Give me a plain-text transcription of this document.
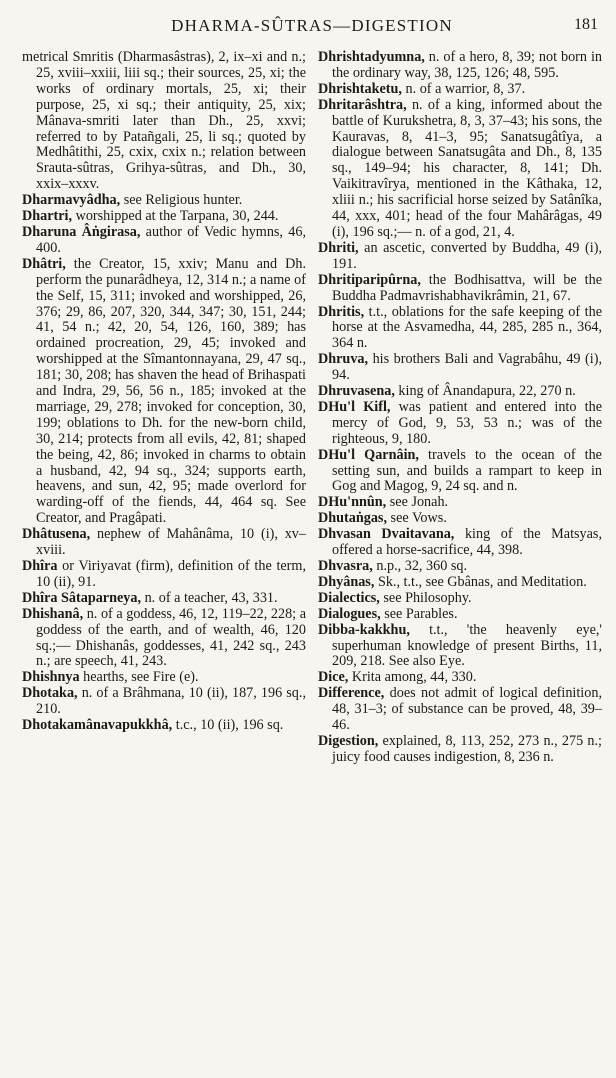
DHARMA-SÛTRAS—DIGESTION	181

metrical Smritis (Dharmasâstras), 2, ix–xi and n.; 25, xviii–xxiii, liii sq.; their sources, 25, xi; the works of ordinary mortals, 25, xi; their purpose, 25, xi sq.; their antiquity, 25, xix; Mânava-smriti later than Dh., 25, xxvi; referred to by Patañgali, 25, li sq.; quoted by Medhâtithi, 25, cxix, cxix n.; relation between Srauta-sûtras, Grihya-sûtras, and Dh., 30, xxix–xxxv.

Dharmavyâdha, see Religious hunter.

Dhartri, worshipped at the Tarpana, 30, 244.

Dharuna Âṅgirasa, author of Vedic hymns, 46, 400.

Dhâtri, the Creator, 15, xxiv; Manu and Dh. perform the punarâdheya, 12, 314 n.; a name of the Self, 15, 311; invoked and worshipped, 26, 376; 29, 86, 207, 320, 344, 347; 30, 151, 244; 41, 54 n.; 42, 20, 54, 126, 160, 389; has ordained procreation, 29, 45; invoked and worshipped at the Sîmantonnayana, 29, 47 sq., 181; 30, 208; has shaven the head of Brihaspati and Indra, 29, 56, 56 n., 185; invoked at the marriage, 29, 278; invoked for conception, 30, 199; oblations to Dh. for the new-born child, 30, 214; protects from all evils, 42, 81; shaped the being, 42, 86; invoked in charms to obtain a husband, 42, 94 sq., 324; supports earth, heavens, and sun, 42, 95; made overlord for warding-off of the fiends, 44, 464 sq. See Creator, and Pragâpati.

Dhâtusena, nephew of Mahânâma, 10 (i), xv–xviii.

Dhîra or Viriyavat (firm), definition of the term, 10 (ii), 91.

Dhîra Sâtaparneya, n. of a teacher, 43, 331.

Dhishanâ, n. of a goddess, 46, 12, 119–22, 228; a goddess of the earth, and of wealth, 46, 120 sq.;— Dhishanâs, goddesses, 41, 242 sq., 243 n.; are speech, 41, 243.

Dhishnya hearths, see Fire (e).

Dhotaka, n. of a Brâhmana, 10 (ii), 187, 196 sq., 210.

Dhotakamânavapukkhâ, t.c., 10 (ii), 196 sq.

Dhrishtadyumna, n. of a hero, 8, 39; not born in the ordinary way, 38, 125, 126; 48, 595.

Dhrishtaketu, n. of a warrior, 8, 37.

Dhritarâshtra, n. of a king, informed about the battle of Kurukshetra, 8, 3, 37–43; his sons, the Kauravas, 8, 41–3, 95; Sanatsugâtîya, a dialogue between Sanatsugâta and Dh., 8, 135 sq., 149–94; his character, 8, 141; Dh. Vaikitravîrya, mentioned in the Kâthaka, 12, xliii n.; his sacrificial horse seized by Satânîka, 44, xxx, 401; head of the four Mahârâgas, 49 (i), 196 sq.;— n. of a god, 21, 4.

Dhriti, an ascetic, converted by Buddha, 49 (i), 191.

Dhritiparipûrna, the Bodhisattva, will be the Buddha Padmavrishabhavikrâmin, 21, 67.

Dhritis, t.t., oblations for the safe keeping of the horse at the Asvamedha, 44, 285, 285 n., 364, 364 n.

Dhruva, his brothers Bali and Vagrabâhu, 49 (i), 94.

Dhruvasena, king of Ânandapura, 22, 270 n.

DHu'l Kifl, was patient and entered into the mercy of God, 9, 53, 53 n.; was of the righteous, 9, 180.

DHu'l Qarnâin, travels to the ocean of the setting sun, and builds a rampart to keep in Gog and Magog, 9, 24 sq. and n.

DHu'nnûn, see Jonah.

Dhutaṅgas, see Vows.

Dhvasan Dvaitavana, king of the Matsyas, offered a horse-sacrifice, 44, 398.

Dhvasra, n.p., 32, 360 sq.

Dhyânas, Sk., t.t., see Gbânas, and Meditation.

Dialectics, see Philosophy.

Dialogues, see Parables.

Dibba-kakkhu, t.t., 'the heavenly eye,' superhuman knowledge of present Births, 11, 209, 218. See also Eye.

Dice, Krita among, 44, 330.

Difference, does not admit of logical definition, 48, 31–3; of substance can be proved, 48, 39–46.

Digestion, explained, 8, 113, 252, 273 n., 275 n.; juicy food causes indigestion, 8, 236 n.
